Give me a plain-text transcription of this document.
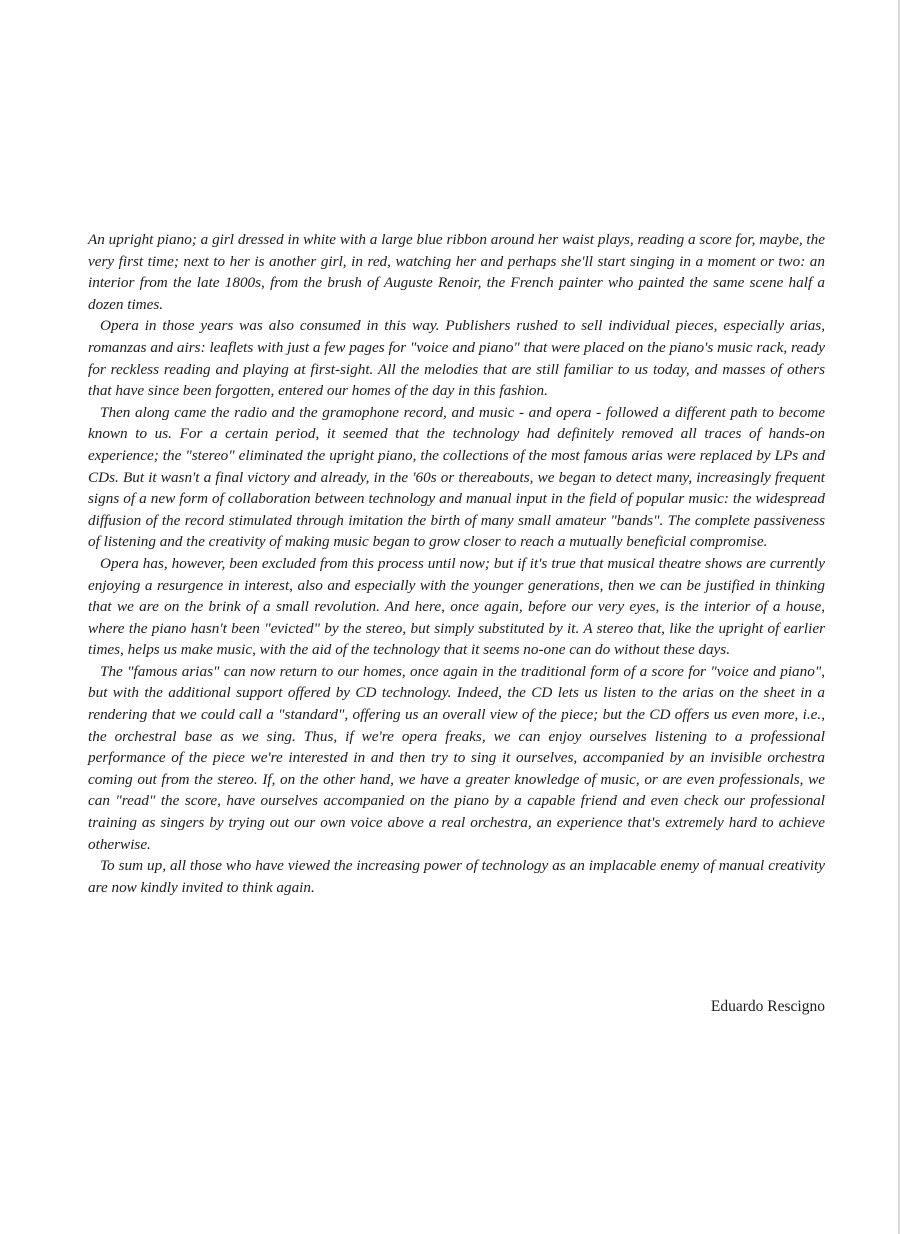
An upright piano; a girl dressed in white with a large blue ribbon around her waist plays, reading a score for, maybe, the very first time; next to her is another girl, in red, watching her and perhaps she'll start singing in a moment or two: an interior from the late 1800s, from the brush of Auguste Renoir, the French painter who painted the same scene half a dozen times.

Opera in those years was also consumed in this way. Publishers rushed to sell individual pieces, especially arias, romanzas and airs: leaflets with just a few pages for "voice and piano" that were placed on the piano's music rack, ready for reckless reading and playing at first-sight. All the melodies that are still familiar to us today, and masses of others that have since been forgotten, entered our homes of the day in this fashion.

Then along came the radio and the gramophone record, and music - and opera - followed a different path to become known to us. For a certain period, it seemed that the technology had definitely removed all traces of hands-on experience; the "stereo" eliminated the upright piano, the collections of the most famous arias were replaced by LPs and CDs. But it wasn't a final victory and already, in the '60s or thereabouts, we began to detect many, increasingly frequent signs of a new form of collaboration between technology and manual input in the field of popular music: the widespread diffusion of the record stimulated through imitation the birth of many small amateur "bands". The complete passiveness of listening and the creativity of making music began to grow closer to reach a mutually beneficial compromise.

Opera has, however, been excluded from this process until now; but if it's true that musical theatre shows are currently enjoying a resurgence in interest, also and especially with the younger generations, then we can be justified in thinking that we are on the brink of a small revolution. And here, once again, before our very eyes, is the interior of a house, where the piano hasn't been "evicted" by the stereo, but simply substituted by it. A stereo that, like the upright of earlier times, helps us make music, with the aid of the technology that it seems no-one can do without these days.

The "famous arias" can now return to our homes, once again in the traditional form of a score for "voice and piano", but with the additional support offered by CD technology. Indeed, the CD lets us listen to the arias on the sheet in a rendering that we could call a "standard", offering us an overall view of the piece; but the CD offers us even more, i.e., the orchestral base as we sing. Thus, if we're opera freaks, we can enjoy ourselves listening to a professional performance of the piece we're interested in and then try to sing it ourselves, accompanied by an invisible orchestra coming out from the stereo. If, on the other hand, we have a greater knowledge of music, or are even professionals, we can "read" the score, have ourselves accompanied on the piano by a capable friend and even check our professional training as singers by trying out our own voice above a real orchestra, an experience that's extremely hard to achieve otherwise.

To sum up, all those who have viewed the increasing power of technology as an implacable enemy of manual creativity are now kindly invited to think again.

Eduardo Rescigno
